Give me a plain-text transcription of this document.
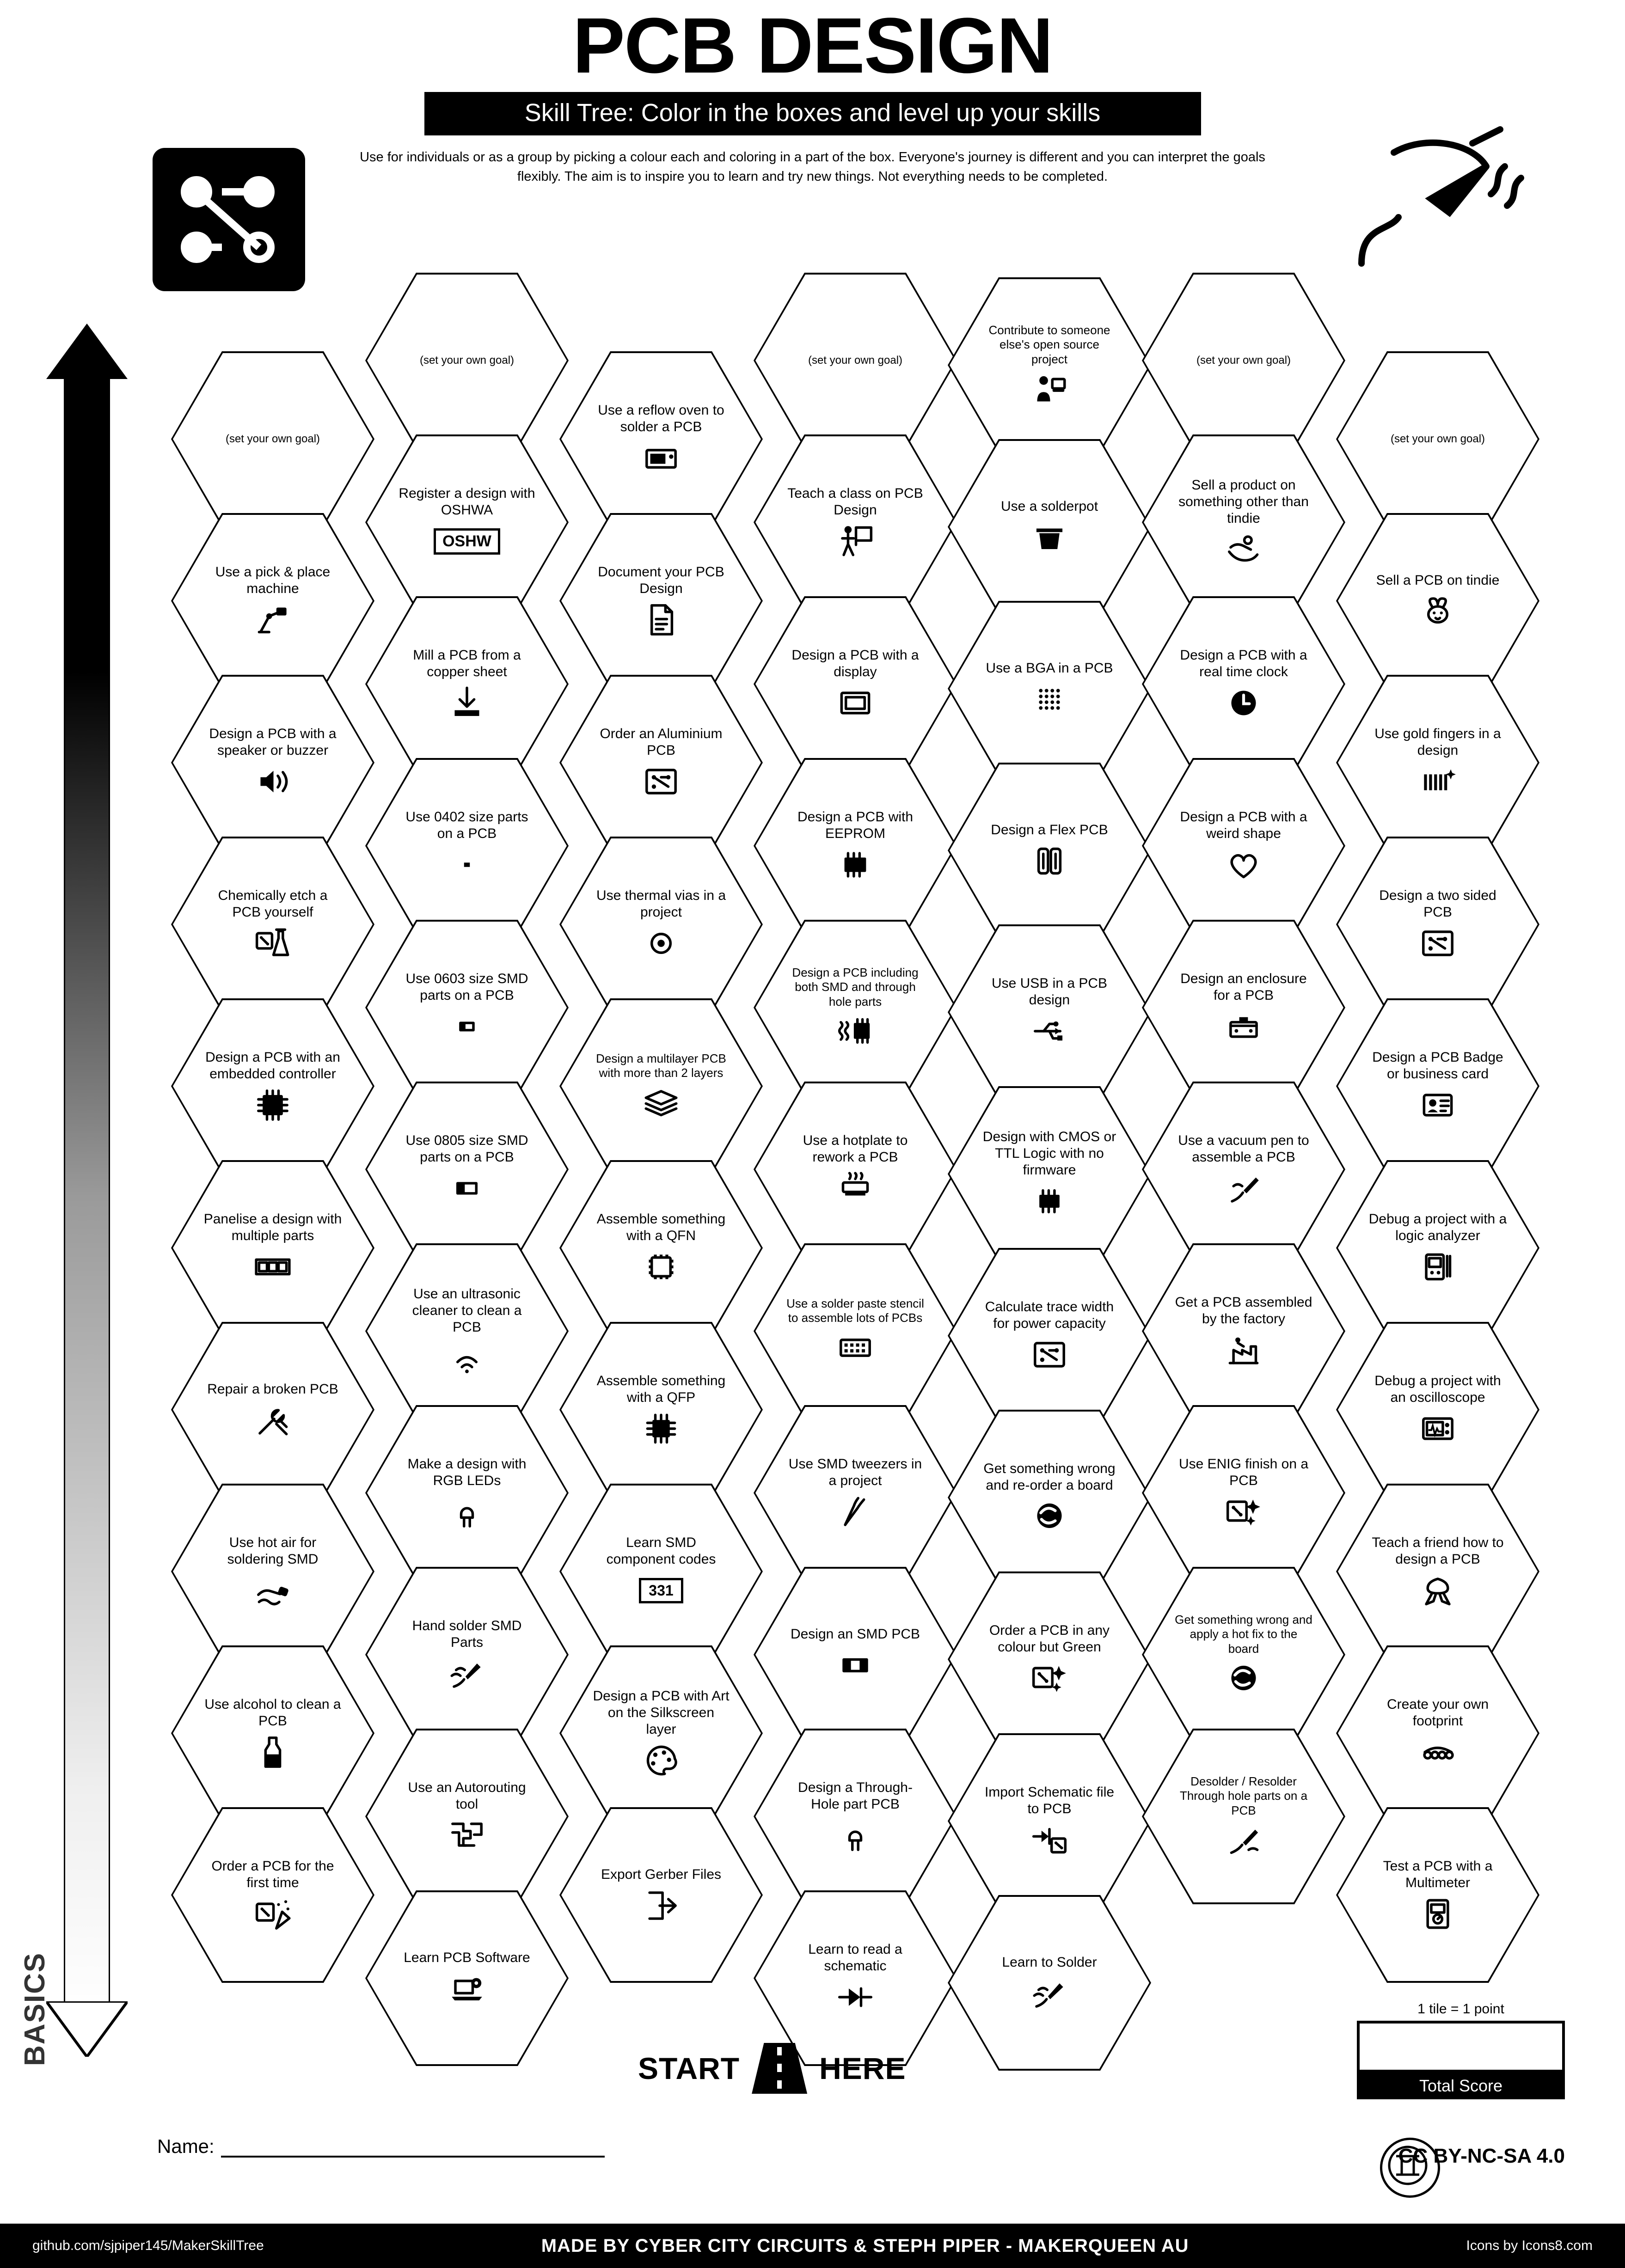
PCB DESIGN
Skill Tree: Color in the boxes and level up your skills
Use for individuals or as a group by picking a colour each and coloring in a part of the box. Everyone's journey is different and you can interpret the goals flexibly. The aim is to inspire you to learn and try new things. Not everything needs to be completed.
ADVANCED
BASICS
(set your own goal)
Use a pick & place machine
Design a PCB with a speaker or buzzer
Chemically etch a PCB yourself
Design a PCB with an embedded controller
Panelise a design with multiple parts
Repair a broken PCB
Use hot air for soldering SMD
Use alcohol to clean a PCB
Order a PCB for the first time
(set your own goal)
Register a design with OSHWA
OSHW
Mill a PCB from a copper sheet
Use 0402 size parts on a PCB
Use 0603 size SMD parts on a PCB
Use 0805 size SMD parts on a PCB
Use an ultrasonic cleaner to clean a PCB
Make a design with RGB LEDs
Hand solder SMD Parts
Use an Autorouting tool
Learn PCB Software
Use a reflow oven to solder a PCB
Document your PCB Design
Order an Aluminium PCB
Use thermal vias in a project
Design a multilayer PCB with more than 2 layers
Assemble something with a QFN
Assemble something with a QFP
Learn SMD component codes
331
Design a PCB with Art on the Silkscreen layer
Export Gerber Files
(set your own goal)
Teach a class on PCB Design
Design a PCB with a display
Design a PCB with EEPROM
Design a PCB including both SMD and through hole parts
Use a hotplate to rework a PCB
Use a solder paste stencil to assemble lots of PCBs
Use SMD tweezers in a project
Design an SMD PCB
Design a Through-Hole part PCB
Learn to read a schematic
Contribute to someone else's open source project
Use a solderpot
Use a BGA in a PCB
Design a Flex PCB
Use USB in a PCB design
Design with CMOS or TTL Logic with no firmware
Calculate trace width for power capacity
Get something wrong and re-order a board
Order a PCB in any colour but Green
Import Schematic file to PCB
Learn to Solder
(set your own goal)
Sell a product on something other than tindie
Design a PCB with a real time clock
Design a PCB with a weird shape
Design an enclosure for a PCB
Use a vacuum pen to assemble a PCB
Get a PCB assembled by the factory
Use ENIG finish on a PCB
Get something wrong and apply a hot fix to the board
Desolder / Resolder Through hole parts on a PCB
(set your own goal)
Sell a PCB on tindie
Use gold fingers in a design
Design a two sided PCB
Design a PCB Badge or business card
Debug a project with a logic analyzer
Debug a project with an oscilloscope
Teach a friend how to design a PCB
Create your own footprint
Test a PCB with a Multimeter
START	HERE
Name:
1 tile = 1 point
Total Score
CC BY-NC-SA 4.0
github.com/sjpiper145/MakerSkillTree	MADE BY CYBER CITY CIRCUITS & STEPH PIPER - MAKERQUEEN AU	Icons by Icons8.com
